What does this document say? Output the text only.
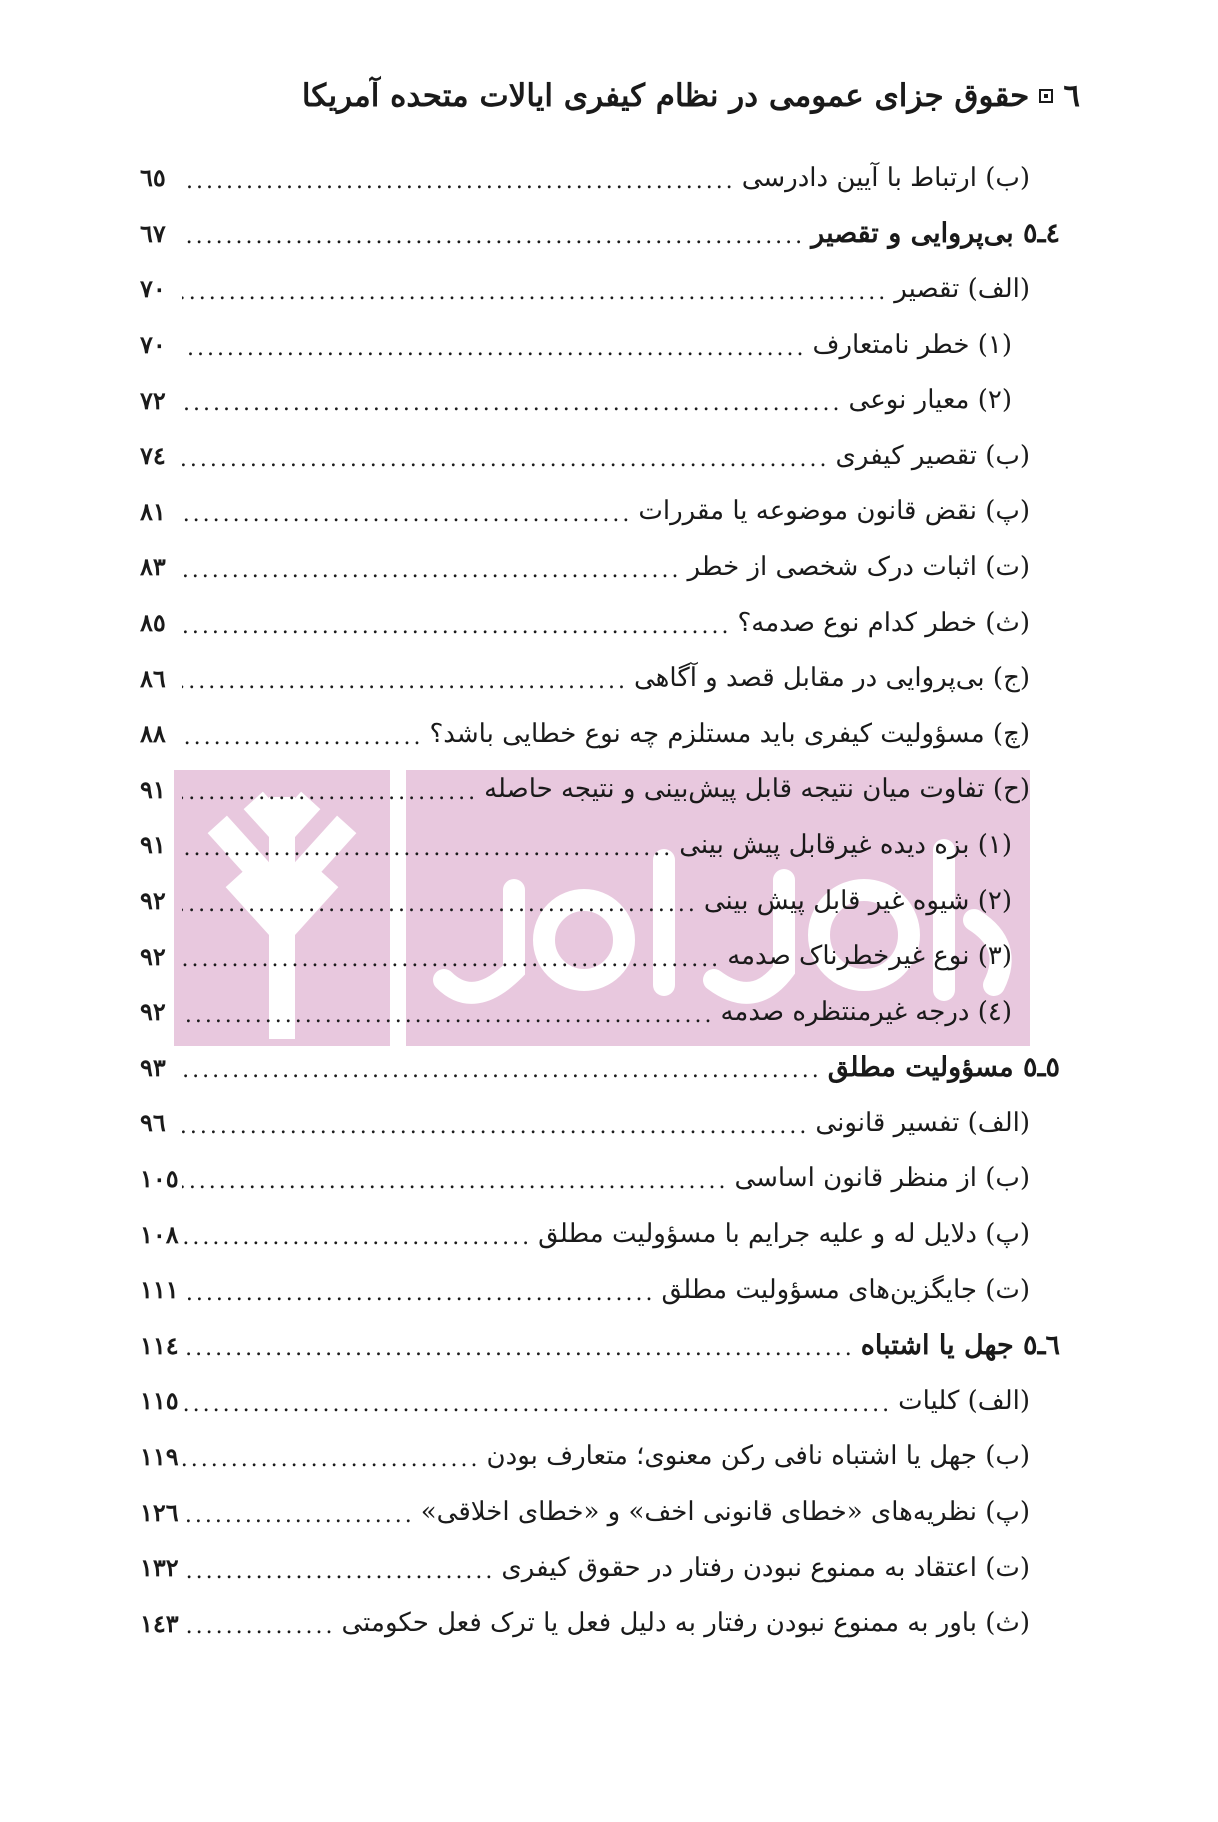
٦
حقوق جزای عمومی در نظام کیفری ایالات متحده آمریکا
(ب) ارتباط با آیین دادرسی
.....
٦٥
٤ـ٥ بی‌پروایی و تقصیر
.....
٦٧
(الف) تقصیر
.....
٧٠
(١) خطر نامتعارف
.....
٧٠
(٢) معیار نوعی
.....
٧٢
(ب) تقصیر کیفری
.....
٧٤
(پ) نقض قانون موضوعه یا مقررات
.....
٨١
(ت) اثبات درک شخصی از خطر
.....
٨٣
(ث) خطر کدام نوع صدمه؟
.....
٨٥
(ج) بی‌پروایی در مقابل قصد و آگاهی
.....
٨٦
(چ) مسؤولیت کیفری باید مستلزم چه نوع خطایی باشد؟
.....
٨٨
(ح) تفاوت میان نتیجه قابل پیش‌بینی و نتیجه حاصله
.....
٩١
(١) بزه دیده غیرقابل پیش بینی
.....
٩١
(٢) شیوه غیر قابل پیش بینی
.....
٩٢
(٣) نوع غیرخطرناک صدمه
.....
٩٢
(٤) درجه غیرمنتظره صدمه
.....
٩٢
٥ـ٥ مسؤولیت مطلق
.....
٩٣
(الف) تفسیر قانونی
.....
٩٦
(ب) از منظر قانون اساسی
.....
١٠٥
(پ) دلایل له و علیه جرایم با مسؤولیت مطلق
.....
١٠٨
(ت) جایگزین‌های مسؤولیت مطلق
.....
١١١
٦ـ٥ جهل یا اشتباه
.....
١١٤
(الف) کلیات
.....
١١٥
(ب) جهل یا اشتباه نافی رکن معنوی؛ متعارف بودن
.....
١١٩
(پ) نظریه‌های «خطای قانونی اخف» و «خطای اخلاقی»
.....
١٢٦
(ت) اعتقاد به ممنوع نبودن رفتار در حقوق کیفری
.....
١٣٢
(ث) باور به ممنوع نبودن رفتار به دلیل فعل یا ترک فعل حکومتی
.....
١٤٣
